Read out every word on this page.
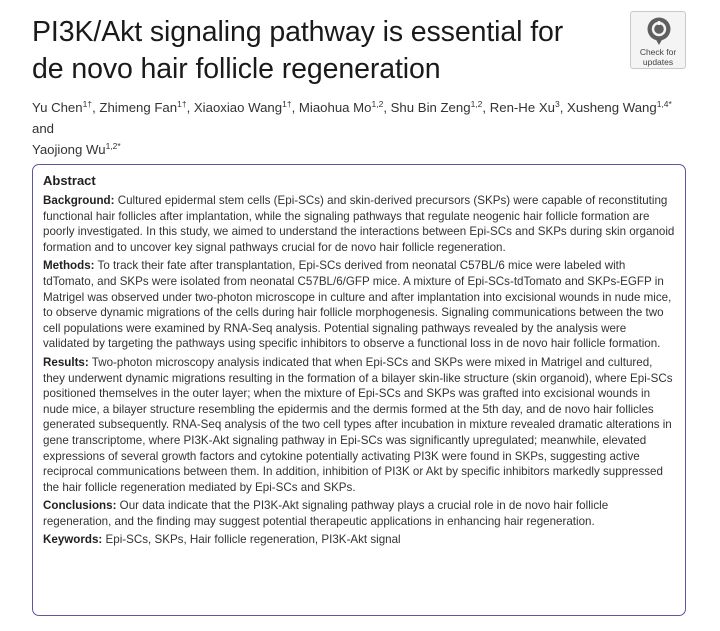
PI3K/Akt signaling pathway is essential for
de novo hair follicle regeneration
Check for
updates
Yu Chen$^{1\dagger}$, Zhimeng Fan$^{1\dagger}$, Xiaoxiao Wang$^{1\dagger}$, Miaohua Mo$^{1,2}$, Shu Bin Zeng$^{1,2}$, Ren-He Xu$^3$, Xusheng Wang$^{1,4*}$ and
Yaojiong $Wu^{1,2*}$
Abstract

Background: Cultured epidermal stem cells (Epi-SCs) and skin-derived precursors (SKPs) were capable of reconstituting functional hair follicles after implantation, while the signaling pathways that regulate neogenic hair follicle formation are poorly investigated. In this study, we aimed to understand the interactions between Epi-SCs and SKPs during skin organoid formation and to uncover key signal pathways crucial for de novo hair follicle regeneration.

Methods: To track their fate after transplantation, Epi-SCs derived from neonatal C57BL/6 mice were labeled with tdTomato, and SKPs were isolated from neonatal C57BL/6/GFP mice. A mixture of Epi-SCs-tdTomato and SKPs-EGFP in Matrigel was observed under two-photon microscope in culture and after implantation into excisional wounds in nude mice, to observe dynamic migrations of the cells during hair follicle morphogenesis. Signaling communications between the two cell populations were examined by RNA-Seq analysis. Potential signaling pathways revealed by the analysis were validated by targeting the pathways using specific inhibitors to observe a functional loss in de novo hair follicle formation.

Results: Two-photon microscopy analysis indicated that when Epi-SCs and SKPs were mixed in Matrigel and cultured, they underwent dynamic migrations resulting in the formation of a bilayer skin-like structure (skin organoid), where Epi-SCs positioned themselves in the outer layer; when the mixture of Epi-SCs and SKPs was grafted into excisional wounds in nude mice, a bilayer structure resembling the epidermis and the dermis formed at the 5th day, and de novo hair follicles generated subsequently. RNA-Seq analysis of the two cell types after incubation in mixture revealed dramatic alterations in gene transcriptome, where PI3K-Akt signaling pathway in Epi-SCs was significantly upregulated; meanwhile, elevated expressions of several growth factors and cytokine potentially activating PI3K were found in SKPs, suggesting active reciprocal communications between them. In addition, inhibition of PI3K or Akt by specific inhibitors markedly suppressed the hair follicle regeneration mediated by Epi-SCs and SKPs.

Conclusions: Our data indicate that the PI3K-Akt signaling pathway plays a crucial role in de novo hair follicle regeneration, and the finding may suggest potential therapeutic applications in enhancing hair regeneration.

Keywords: Epi-SCs, SKPs, Hair follicle regeneration, PI3K-Akt signal
